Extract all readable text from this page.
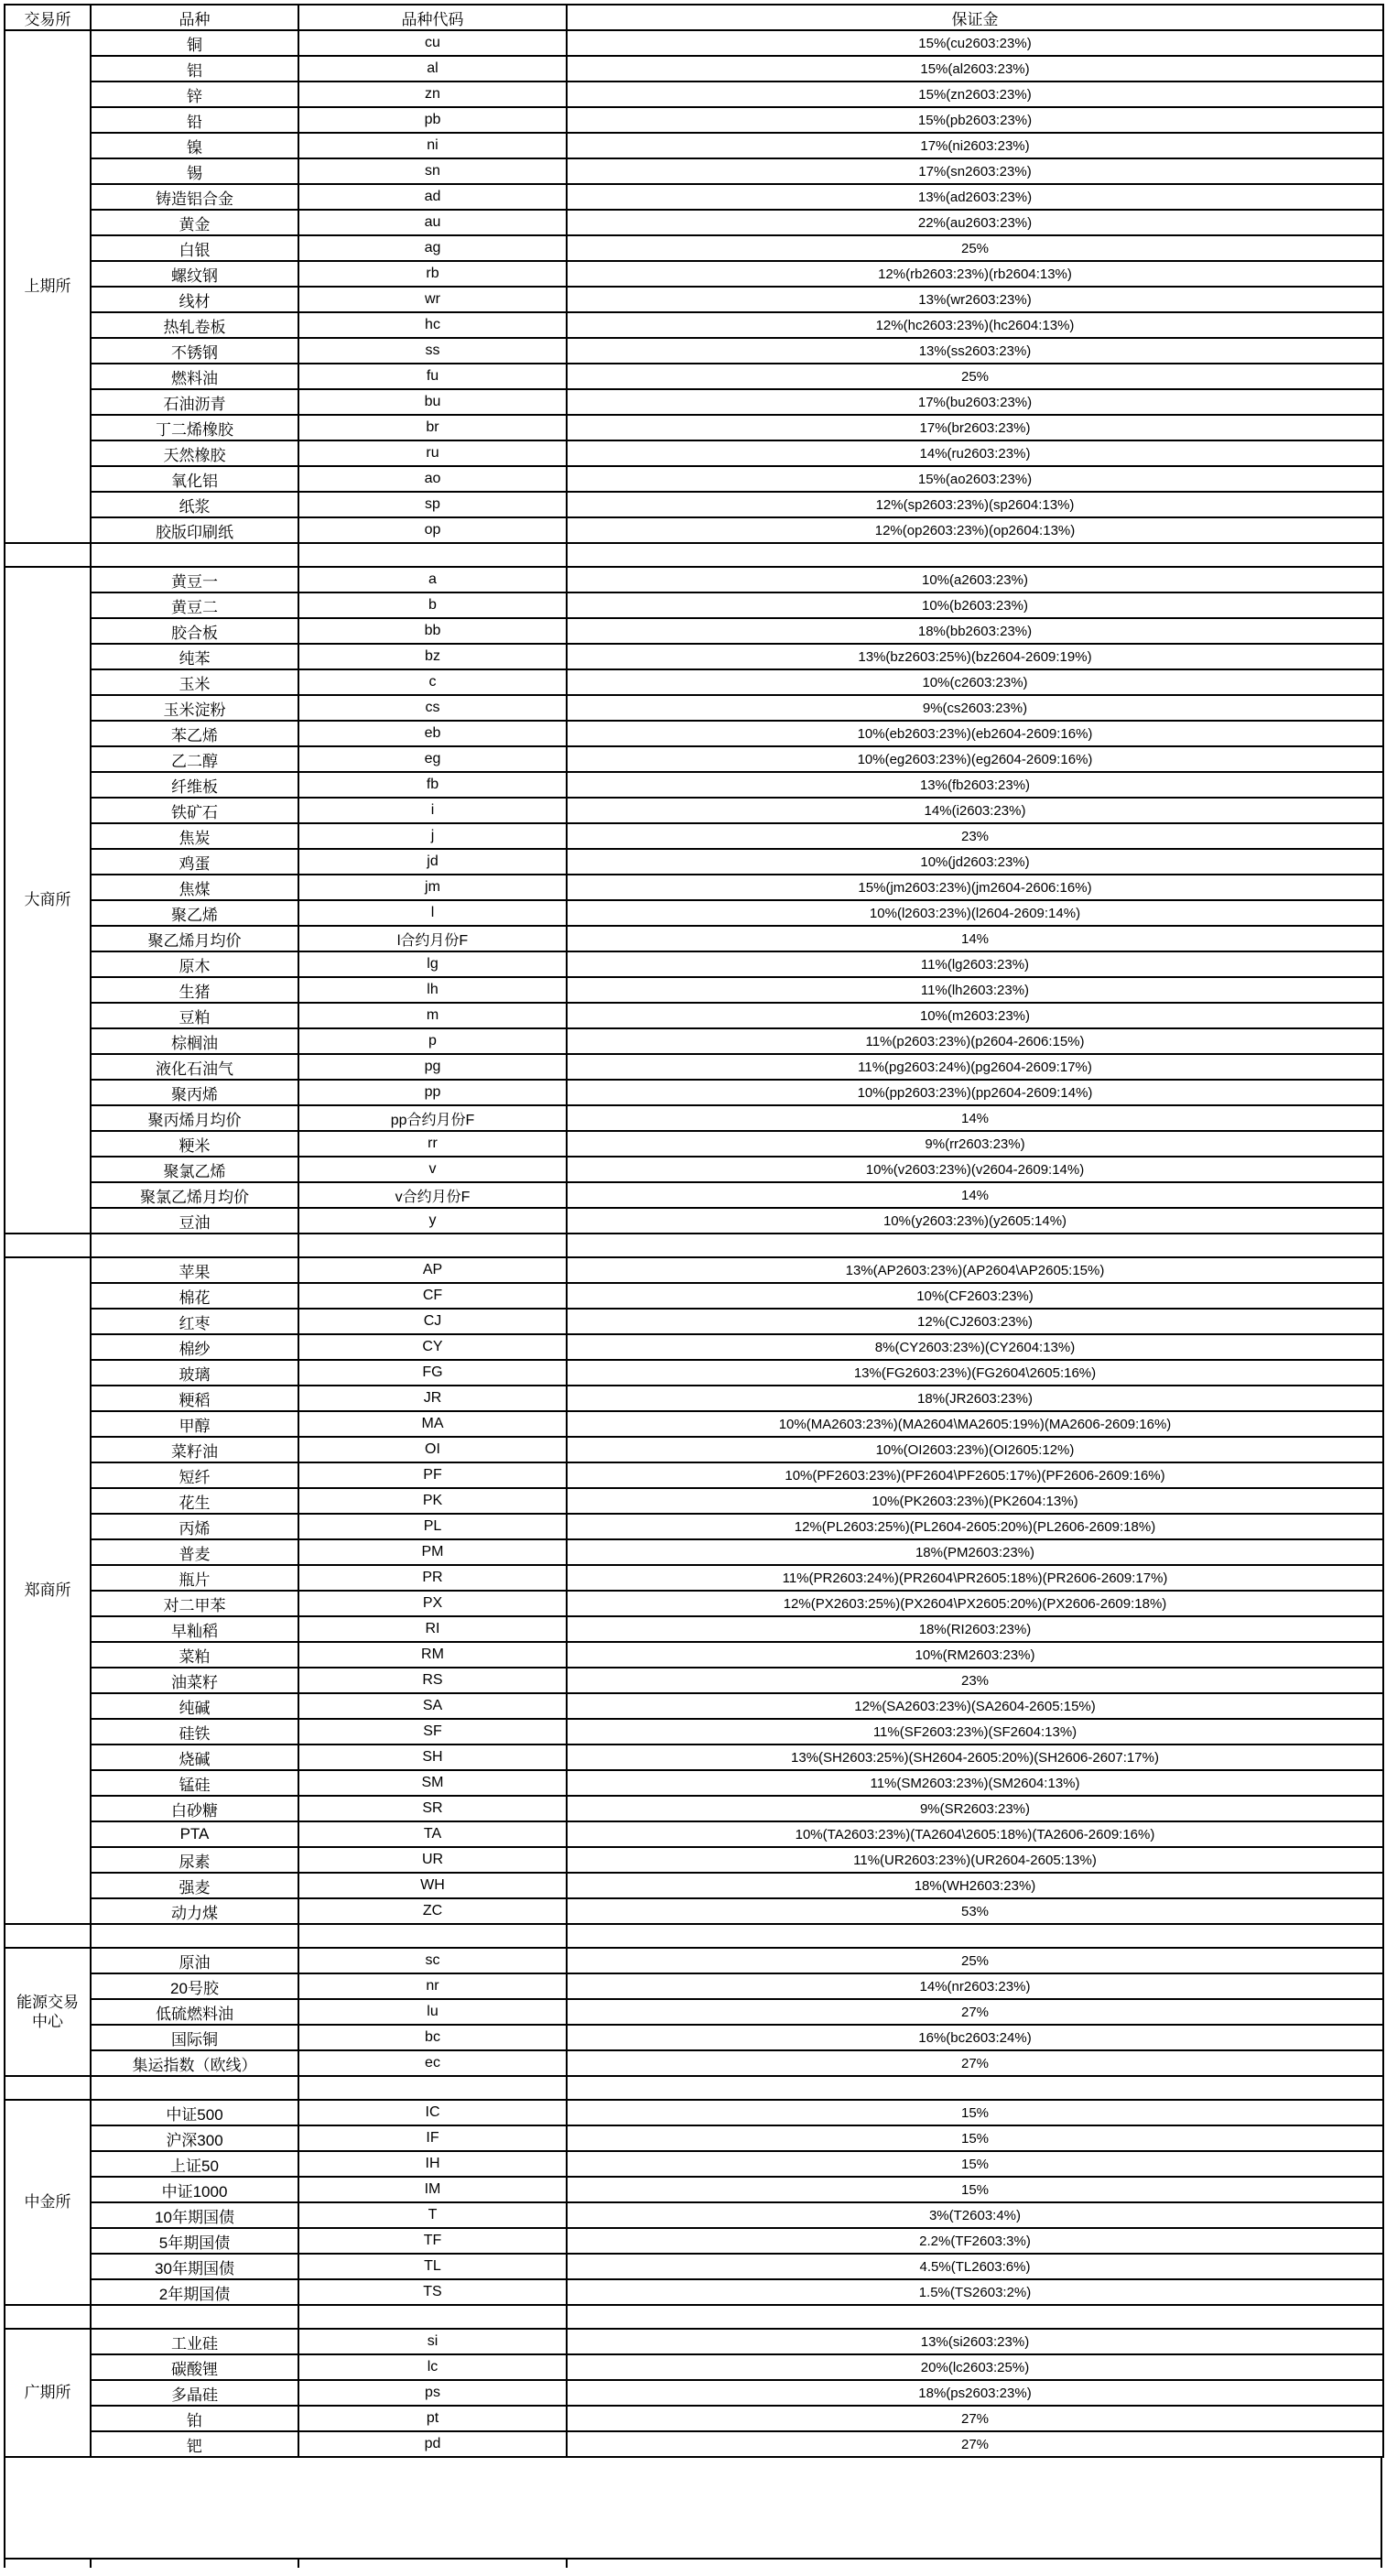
交易所	品种	品种代码	保证金
上期所	铜	cu	15%(cu2603:23%)
	铝	al	15%(al2603:23%)
	锌	zn	15%(zn2603:23%)
	铅	pb	15%(pb2603:23%)
	镍	ni	17%(ni2603:23%)
	锡	sn	17%(sn2603:23%)
	铸造铝合金	ad	13%(ad2603:23%)
	黄金	au	22%(au2603:23%)
	白银	ag	25%
	螺纹钢	rb	12%(rb2603:23%)(rb2604:13%)
	线材	wr	13%(wr2603:23%)
	热轧卷板	hc	12%(hc2603:23%)(hc2604:13%)
	不锈钢	ss	13%(ss2603:23%)
	燃料油	fu	25%
	石油沥青	bu	17%(bu2603:23%)
	丁二烯橡胶	br	17%(br2603:23%)
	天然橡胶	ru	14%(ru2603:23%)
	氧化铝	ao	15%(ao2603:23%)
	纸浆	sp	12%(sp2603:23%)(sp2604:13%)
	胶版印刷纸	op	12%(op2603:23%)(op2604:13%)

大商所	黄豆一	a	10%(a2603:23%)
	黄豆二	b	10%(b2603:23%)
	胶合板	bb	18%(bb2603:23%)
	纯苯	bz	13%(bz2603:25%)(bz2604-2609:19%)
	玉米	c	10%(c2603:23%)
	玉米淀粉	cs	9%(cs2603:23%)
	苯乙烯	eb	10%(eb2603:23%)(eb2604-2609:16%)
	乙二醇	eg	10%(eg2603:23%)(eg2604-2609:16%)
	纤维板	fb	13%(fb2603:23%)
	铁矿石	i	14%(i2603:23%)
	焦炭	j	23%
	鸡蛋	jd	10%(jd2603:23%)
	焦煤	jm	15%(jm2603:23%)(jm2604-2606:16%)
	聚乙烯	l	10%(l2603:23%)(l2604-2609:14%)
	聚乙烯月均价	l合约月份F	14%
	原木	lg	11%(lg2603:23%)
	生猪	lh	11%(lh2603:23%)
	豆粕	m	10%(m2603:23%)
	棕榈油	p	11%(p2603:23%)(p2604-2606:15%)
	液化石油气	pg	11%(pg2603:24%)(pg2604-2609:17%)
	聚丙烯	pp	10%(pp2603:23%)(pp2604-2609:14%)
	聚丙烯月均价	pp合约月份F	14%
	粳米	rr	9%(rr2603:23%)
	聚氯乙烯	v	10%(v2603:23%)(v2604-2609:14%)
	聚氯乙烯月均价	v合约月份F	14%
	豆油	y	10%(y2603:23%)(y2605:14%)

郑商所	苹果	AP	13%(AP2603:23%)(AP2604\AP2605:15%)
	棉花	CF	10%(CF2603:23%)
	红枣	CJ	12%(CJ2603:23%)
	棉纱	CY	8%(CY2603:23%)(CY2604:13%)
	玻璃	FG	13%(FG2603:23%)(FG2604\2605:16%)
	粳稻	JR	18%(JR2603:23%)
	甲醇	MA	10%(MA2603:23%)(MA2604\MA2605:19%)(MA2606-2609:16%)
	菜籽油	OI	10%(OI2603:23%)(OI2605:12%)
	短纤	PF	10%(PF2603:23%)(PF2604\PF2605:17%)(PF2606-2609:16%)
	花生	PK	10%(PK2603:23%)(PK2604:13%)
	丙烯	PL	12%(PL2603:25%)(PL2604-2605:20%)(PL2606-2609:18%)
	普麦	PM	18%(PM2603:23%)
	瓶片	PR	11%(PR2603:24%)(PR2604\PR2605:18%)(PR2606-2609:17%)
	对二甲苯	PX	12%(PX2603:25%)(PX2604\PX2605:20%)(PX2606-2609:18%)
	早籼稻	RI	18%(RI2603:23%)
	菜粕	RM	10%(RM2603:23%)
	油菜籽	RS	23%
	纯碱	SA	12%(SA2603:23%)(SA2604-2605:15%)
	硅铁	SF	11%(SF2603:23%)(SF2604:13%)
	烧碱	SH	13%(SH2603:25%)(SH2604-2605:20%)(SH2606-2607:17%)
	锰硅	SM	11%(SM2603:23%)(SM2604:13%)
	白砂糖	SR	9%(SR2603:23%)
	PTA	TA	10%(TA2603:23%)(TA2604\2605:18%)(TA2606-2609:16%)
	尿素	UR	11%(UR2603:23%)(UR2604-2605:13%)
	强麦	WH	18%(WH2603:23%)
	动力煤	ZC	53%

能源交易
中心	原油	sc	25%
	20号胶	nr	14%(nr2603:23%)
	低硫燃料油	lu	27%
	国际铜	bc	16%(bc2603:24%)
	集运指数（欧线）	ec	27%

中金所	中证500	IC	15%
	沪深300	IF	15%
	上证50	IH	15%
	中证1000	IM	15%
	10年期国债	T	3%(T2603:4%)
	5年期国债	TF	2.2%(TF2603:3%)
	30年期国债	TL	4.5%(TL2603:6%)
	2年期国债	TS	1.5%(TS2603:2%)

广期所	工业硅	si	13%(si2603:23%)
	碳酸锂	lc	20%(lc2603:25%)
	多晶硅	ps	18%(ps2603:23%)
	铂	pt	27%
	钯	pd	27%
